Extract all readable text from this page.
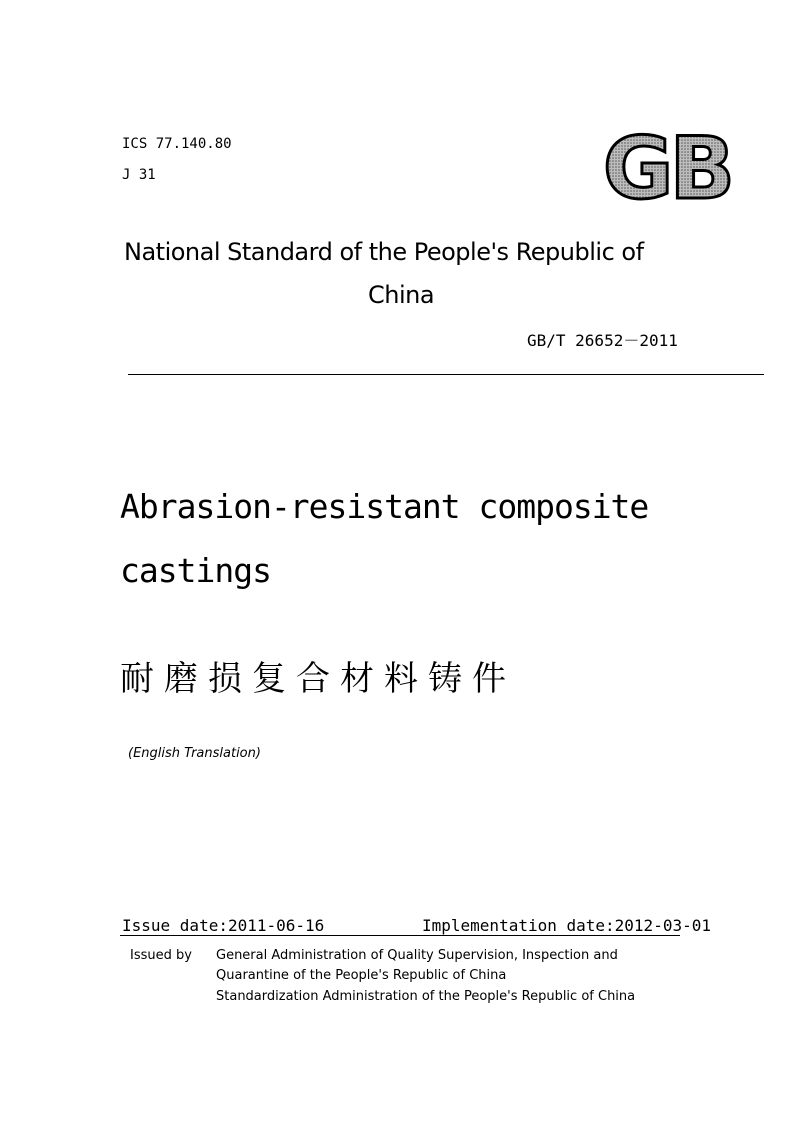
ICS 77.140.80
J 31	GB
National Standard of the People's Republic of
China
GB/T 26652－2011
Abrasion-resistant composite
castings
耐磨损复合材料铸件
(English Translation)
Issue date:2011-06-16	Implementation date:2012-03-01
Issued by General Administration of Quality Supervision, Inspection and
Quarantine of the People's Republic of China
Standardization Administration of the People's Republic of China
